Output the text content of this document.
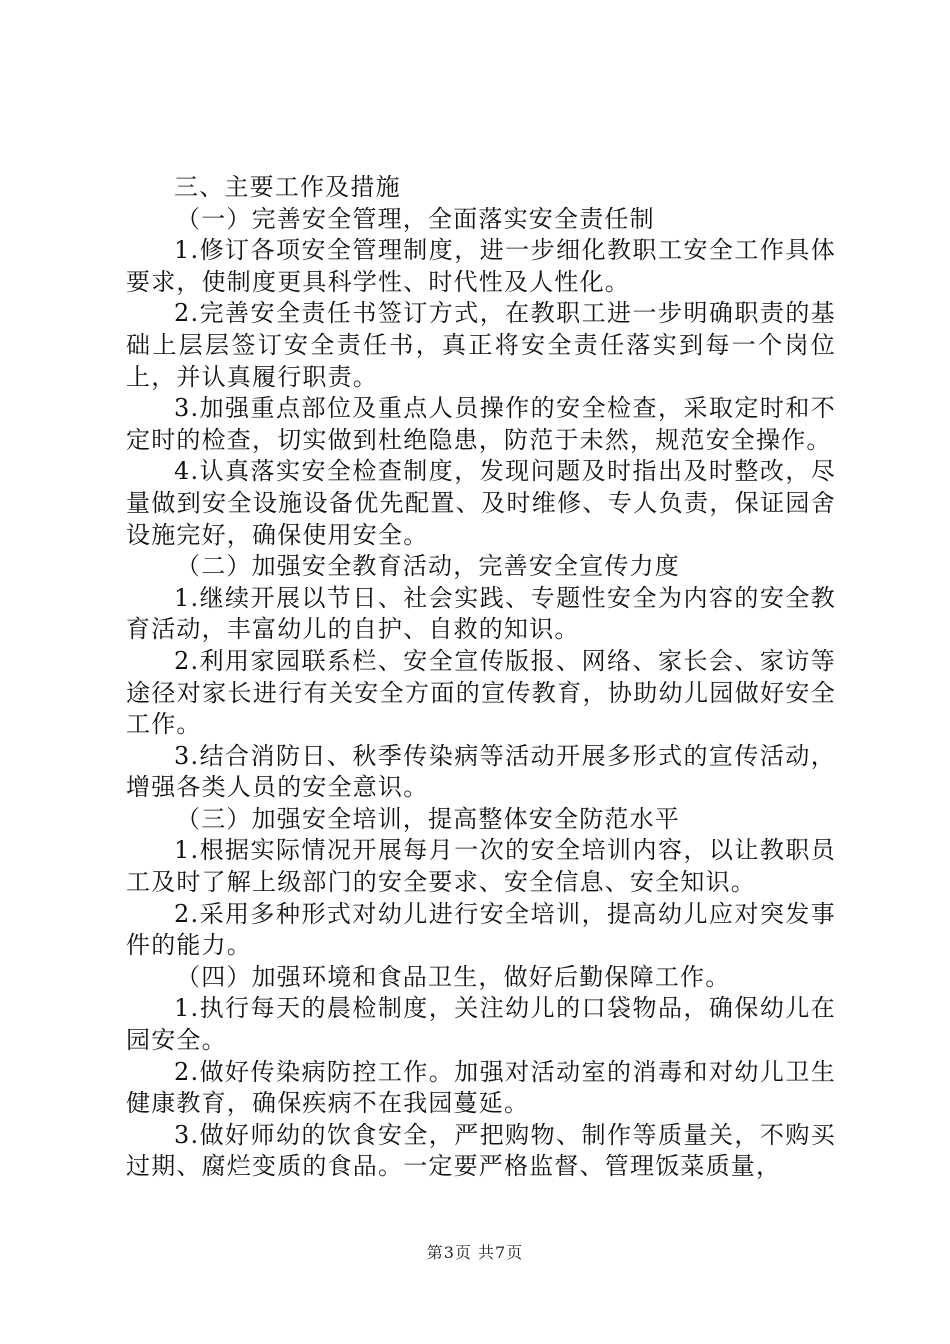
三、主要工作及措施

（一）完善安全管理，全面落实安全责任制

1.修订各项安全管理制度，进一步细化教职工安全工作具体要求，使制度更具科学性、时代性及人性化。

2.完善安全责任书签订方式，在教职工进一步明确职责的基础上层层签订安全责任书，真正将安全责任落实到每一个岗位上，并认真履行职责。

3.加强重点部位及重点人员操作的安全检查，采取定时和不定时的检查，切实做到杜绝隐患，防范于未然，规范安全操作。

4.认真落实安全检查制度，发现问题及时指出及时整改，尽量做到安全设施设备优先配置、及时维修、专人负责，保证园舍设施完好，确保使用安全。

（二）加强安全教育活动，完善安全宣传力度

1.继续开展以节日、社会实践、专题性安全为内容的安全教育活动，丰富幼儿的自护、自救的知识。

2.利用家园联系栏、安全宣传版报、网络、家长会、家访等途径对家长进行有关安全方面的宣传教育，协助幼儿园做好安全工作。

3.结合消防日、秋季传染病等活动开展多形式的宣传活动，增强各类人员的安全意识。

（三）加强安全培训，提高整体安全防范水平

1.根据实际情况开展每月一次的安全培训内容，以让教职员工及时了解上级部门的安全要求、安全信息、安全知识。

2.采用多种形式对幼儿进行安全培训，提高幼儿应对突发事件的能力。

（四）加强环境和食品卫生，做好后勤保障工作。

1.执行每天的晨检制度，关注幼儿的口袋物品，确保幼儿在园安全。

2.做好传染病防控工作。加强对活动室的消毒和对幼儿卫生健康教育，确保疾病不在我园蔓延。

3.做好师幼的饮食安全，严把购物、制作等质量关，不购买过期、腐烂变质的食品。一定要严格监督、管理饭菜质量，

第3页 共7页
